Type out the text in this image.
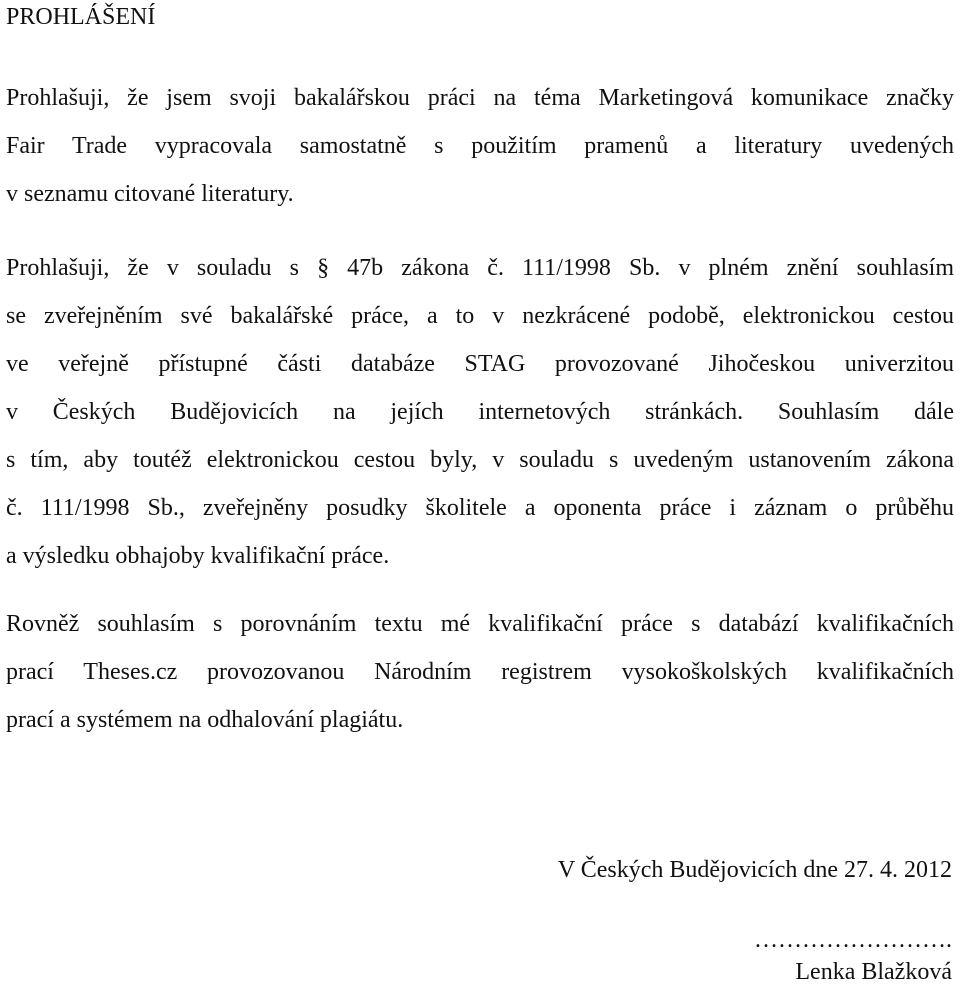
PROHLÁŠENÍ
Prohlašuji, že jsem svoji bakalářskou práci na téma Marketingová komunikace značky
Fair Trade vypracovala samostatně s použitím pramenů a literatury uvedených
v seznamu citované literatury.
Prohlašuji, že v souladu s § 47b zákona č. 111/1998 Sb. v plném znění souhlasím
se zveřejněním své bakalářské práce, a to v nezkrácené podobě, elektronickou cestou
ve veřejně přístupné části databáze STAG provozované Jihočeskou univerzitou
v Českých Budějovicích na jejích internetových stránkách. Souhlasím dále
s tím, aby toutéž elektronickou cestou byly, v souladu s uvedeným ustanovením zákona
č. 111/1998 Sb., zveřejněny posudky školitele a oponenta práce i záznam o průběhu
a výsledku obhajoby kvalifikační práce.
Rovněž souhlasím s porovnáním textu mé kvalifikační práce s databází kvalifikačních
prací Theses.cz provozovanou Národním registrem vysokoškolských kvalifikačních
prací a systémem na odhalování plagiátu.
V Českých Budějovicích dne 27. 4. 2012
…………………….
Lenka Blažková
